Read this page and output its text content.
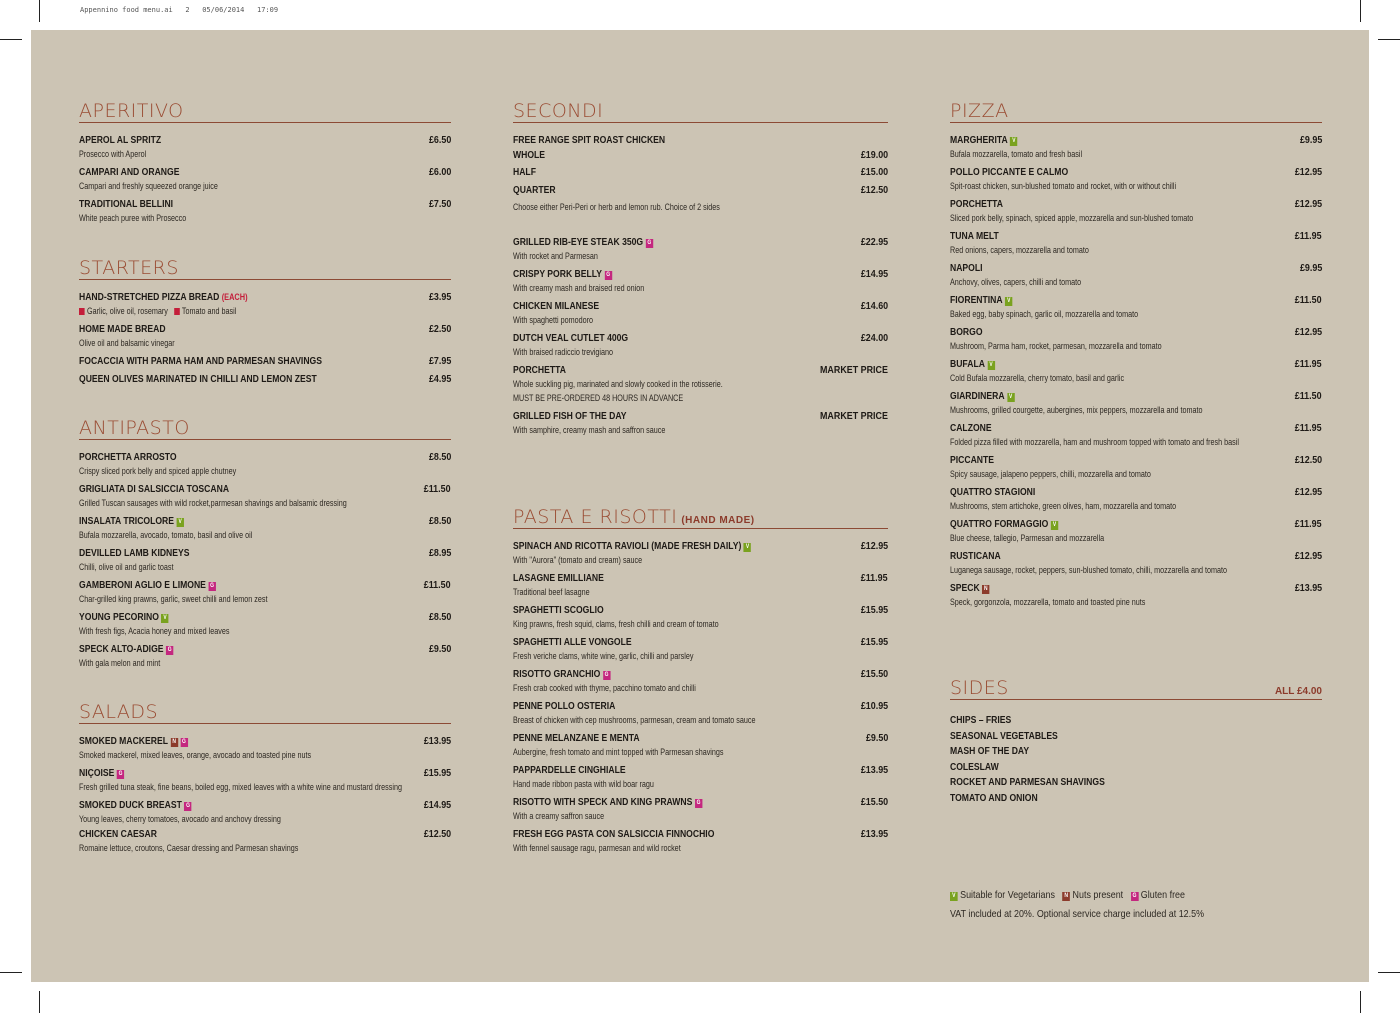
Appennino food menu.ai   2   05/06/2014   17:09
APERITIVO
APEROL AL SPRITZ	£6.50
Prosecco with Aperol
CAMPARI AND ORANGE	£6.00
Campari and freshly squeezed orange juice
TRADITIONAL BELLINI	£7.50
White peach puree with Prosecco
STARTERS
HAND-STRETCHED PIZZA BREAD (EACH)	£3.95
Garlic, olive oil, rosemary Tomato and basil
HOME MADE BREAD	£2.50
Olive oil and balsamic vinegar
FOCACCIA WITH PARMA HAM AND PARMESAN SHAVINGS	£7.95
QUEEN OLIVES MARINATED IN CHILLI AND LEMON ZEST	£4.95
ANTIPASTO
PORCHETTA ARROSTO	£8.50
Crispy sliced pork belly and spiced apple chutney
GRIGLIATA DI SALSICCIA TOSCANA	£11.50
Grilled Tuscan sausages with wild rocket,parmesan shavings and balsamic dressing
INSALATA TRICOLORE V	£8.50
Bufala mozzarella, avocado, tomato, basil and olive oil
DEVILLED LAMB KIDNEYS	£8.95
Chilli, olive oil and garlic toast
GAMBERONI AGLIO E LIMONE G	£11.50
Char-grilled king prawns, garlic, sweet chilli and lemon zest
YOUNG PECORINO V	£8.50
With fresh figs, Acacia honey and mixed leaves
SPECK ALTO-ADIGE G	£9.50
With gala melon and mint
SALADS
SMOKED MACKEREL N G	£13.95
Smoked mackerel, mixed leaves, orange, avocado and toasted pine nuts
NIÇOISE G	£15.95
Fresh grilled tuna steak, fine beans, boiled egg, mixed leaves with a white wine and mustard dressing
SMOKED DUCK BREAST G	£14.95
Young leaves, cherry tomatoes, avocado and anchovy dressing
CHICKEN CAESAR	£12.50
Romaine lettuce, croutons, Caesar dressing and Parmesan shavings
SECONDI
FREE RANGE SPIT ROAST CHICKEN
WHOLE	£19.00
HALF	£15.00
QUARTER	£12.50
Choose either Peri-Peri or herb and lemon rub. Choice of 2 sides
GRILLED RIB-EYE STEAK 350G G	£22.95
With rocket and Parmesan
CRISPY PORK BELLY G	£14.95
With creamy mash and braised red onion
CHICKEN MILANESE	£14.60
With spaghetti pomodoro
DUTCH VEAL CUTLET 400G	£24.00
With braised radiccio trevigiano
PORCHETTA	MARKET PRICE
Whole suckling pig, marinated and slowly cooked in the rotisserie.
MUST BE PRE-ORDERED 48 HOURS IN ADVANCE
GRILLED FISH OF THE DAY	MARKET PRICE
With samphire, creamy mash and saffron sauce
PASTA E RISOTTI (HAND MADE)
SPINACH AND RICOTTA RAVIOLI (MADE FRESH DAILY) V	£12.95
With "Aurora" (tomato and cream) sauce
LASAGNE EMILLIANE	£11.95
Traditional beef lasagne
SPAGHETTI SCOGLIO	£15.95
King prawns, fresh squid, clams, fresh chilli and cream of tomato
SPAGHETTI ALLE VONGOLE	£15.95
Fresh veriche clams, white wine, garlic, chilli and parsley
RISOTTO GRANCHIO G	£15.50
Fresh crab cooked with thyme, pacchino tomato and chilli
PENNE POLLO OSTERIA	£10.95
Breast of chicken with cep mushrooms, parmesan, cream and tomato sauce
PENNE MELANZANE E MENTA	£9.50
Aubergine, fresh tomato and mint topped with Parmesan shavings
PAPPARDELLE CINGHIALE	£13.95
Hand made ribbon pasta with wild boar ragu
RISOTTO WITH SPECK AND KING PRAWNS G	£15.50
With a creamy saffron sauce
FRESH EGG PASTA CON SALSICCIA FINNOCHIO	£13.95
With fennel sausage ragu, parmesan and wild rocket
PIZZA
MARGHERITA V	£9.95
Bufala mozzarella, tomato and fresh basil
POLLO PICCANTE E CALMO	£12.95
Spit-roast chicken, sun-blushed tomato and rocket, with or without chilli
PORCHETTA	£12.95
Sliced pork belly, spinach, spiced apple, mozzarella and sun-blushed tomato
TUNA MELT	£11.95
Red onions, capers, mozzarella and tomato
NAPOLI	£9.95
Anchovy, olives, capers, chilli and tomato
FIORENTINA V	£11.50
Baked egg, baby spinach, garlic oil, mozzarella and tomato
BORGO	£12.95
Mushroom, Parma ham, rocket, parmesan, mozzarella and tomato
BUFALA V	£11.95
Cold Bufala mozzarella, cherry tomato, basil and garlic
GIARDINERA V	£11.50
Mushrooms, grilled courgette, aubergines, mix peppers, mozzarella and tomato
CALZONE	£11.95
Folded pizza filled with mozzarella, ham and mushroom topped with tomato and fresh basil
PICCANTE	£12.50
Spicy sausage, jalapeno peppers, chilli, mozzarella and tomato
QUATTRO STAGIONI	£12.95
Mushrooms, stem artichoke, green olives, ham, mozzarella and tomato
QUATTRO FORMAGGIO V	£11.95
Blue cheese, tallegio, Parmesan and mozzarella
RUSTICANA	£12.95
Luganega sausage, rocket, peppers, sun-blushed tomato, chilli, mozzarella and tomato
SPECK N	£13.95
Speck, gorgonzola, mozzarella, tomato and toasted pine nuts
SIDES	ALL £4.00
CHIPS – FRIES
SEASONAL VEGETABLES
MASH OF THE DAY
COLESLAW
ROCKET AND PARMESAN SHAVINGS
TOMATO AND ONION
V Suitable for Vegetarians N Nuts present G Gluten free
VAT included at 20%. Optional service charge included at 12.5%
